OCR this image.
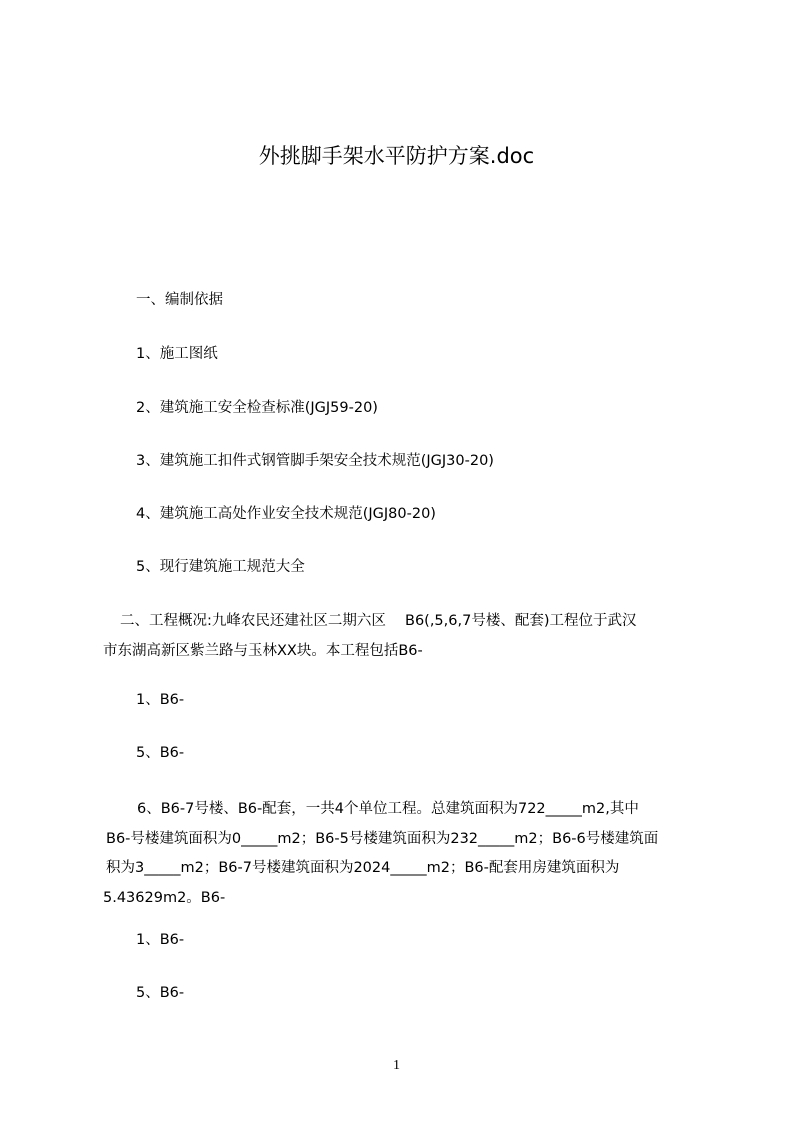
外挑脚手架水平防护方案.doc
一、编制依据
1、施工图纸
2、建筑施工安全检查标准(JGJ59-20)
3、建筑施工扣件式钢管脚手架安全技术规范(JGJ30-20)
4、建筑施工高处作业安全技术规范(JGJ80-20)
5、现行建筑施工规范大全
二、工程概况:九峰农民还建社区二期六区　 B6(,5,6,7号楼、配套)工程位于武汉
市东湖高新区紫兰路与玉林XX块。本工程包括B6-
1、B6-
5、B6-
6、B6-7号楼、B6-配套，一共4个单位工程。总建筑面积为722_____m2,其中
B6-号楼建筑面积为0_____m2；B6-5号楼建筑面积为232_____m2；B6-6号楼建筑面
积为3_____m2；B6-7号楼建筑面积为2024_____m2；B6-配套用房建筑面积为
5.43629m2。B6-
1、B6-
5、B6-
1
